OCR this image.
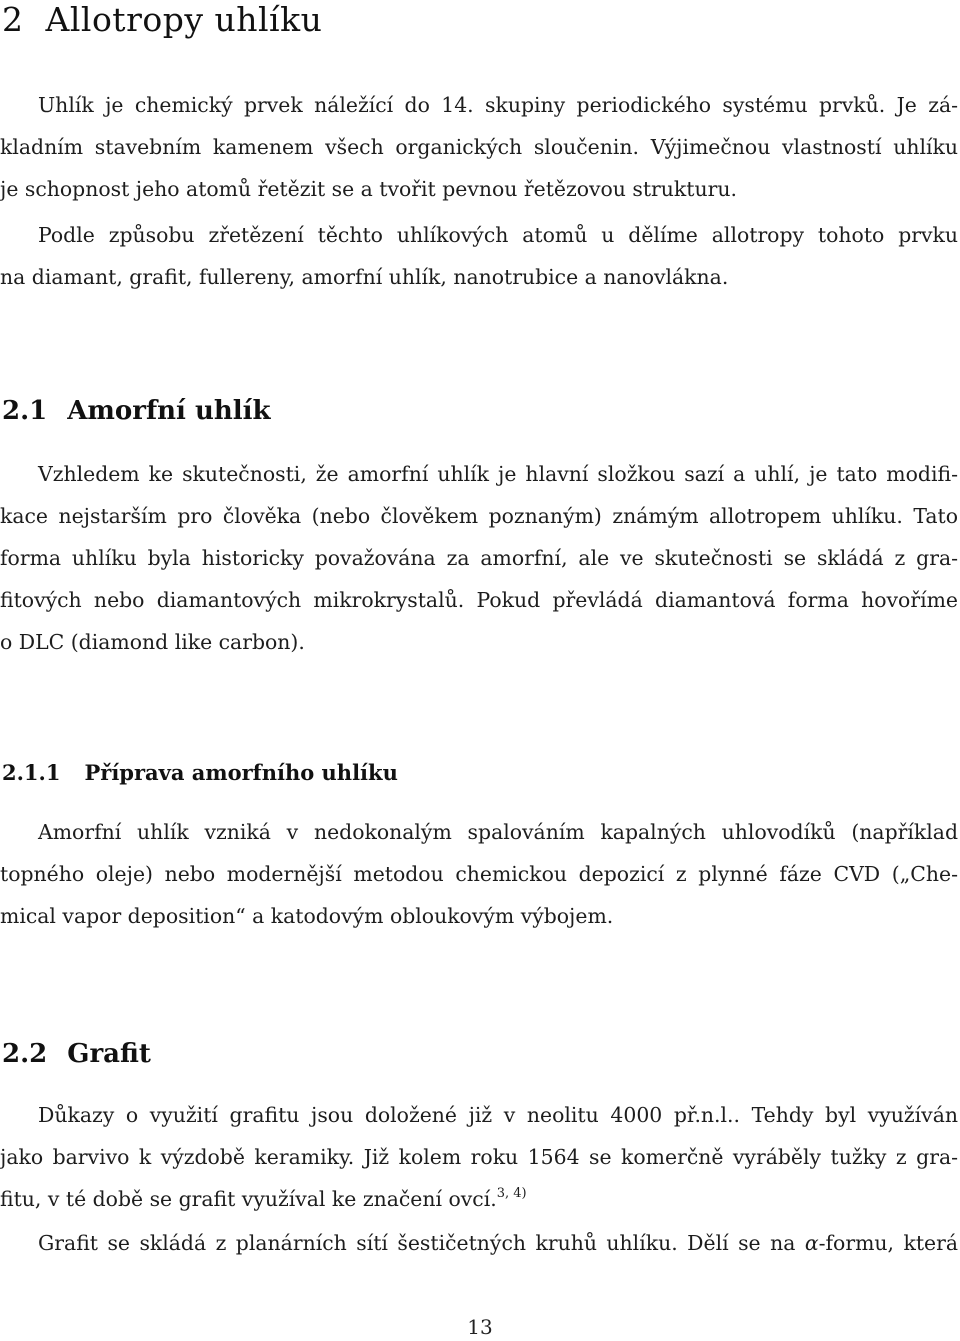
2 Allotropy uhlíku

Uhlík je chemický prvek náležící do 14. skupiny periodického systému prvků. Je zá-
kladním stavebním kamenem všech organických sloučenin. Výjimečnou vlastností uhlíku
je schopnost jeho atomů řetězit se a tvořit pevnou řetězovou strukturu.

Podle způsobu zřetězení těchto uhlíkových atomů u dělíme allotropy tohoto prvku
na diamant, grafit, fullereny, amorfní uhlík, nanotrubice a nanovlákna.

2.1 Amorfní uhlík

Vzhledem ke skutečnosti, že amorfní uhlík je hlavní složkou sazí a uhlí, je tato modifi-
kace nejstarším pro člověka (nebo člověkem poznaným) známým allotropem uhlíku. Tato
forma uhlíku byla historicky považována za amorfní, ale ve skutečnosti se skládá z gra-
fitových nebo diamantových mikrokrystalů. Pokud převládá diamantová forma hovoříme
o DLC (diamond like carbon).

2.1.1 Příprava amorfního uhlíku

Amorfní uhlík vzniká v nedokonalým spalováním kapalných uhlovodíků (například
topného oleje) nebo modernější metodou chemickou depozicí z plynné fáze CVD („Che-
mical vapor deposition“ a katodovým obloukovým výbojem.

2.2 Grafit

Důkazy o využití grafitu jsou doložené již v neolitu 4000 př.n.l.. Tehdy byl využíván
jako barvivo k výzdobě keramiky. Již kolem roku 1564 se komerčně vyráběly tužky z gra-
fitu, v té době se grafit využíval ke značení ovcí.$^{3, 4)}$

Grafit se skládá z planárních sítí šestičetných kruhů uhlíku. Dělí se na α-formu, která

13
